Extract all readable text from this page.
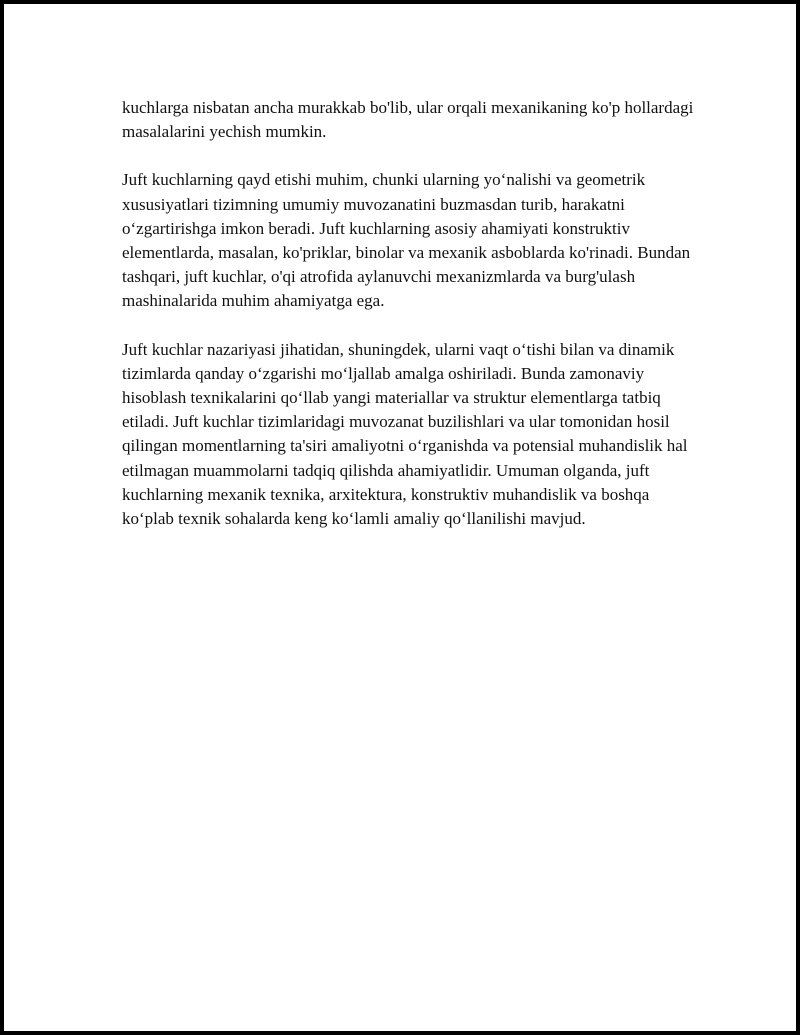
kuchlarga nisbatan ancha murakkab bo'lib, ular orqali mexanikaning ko'p hollardagi masalalarini yechish mumkin.

Juft kuchlarning qayd etishi muhim, chunki ularning yo‘nalishi va geometrik xususiyatlari tizimning umumiy muvozanatini buzmasdan turib, harakatni o‘zgartirishga imkon beradi. Juft kuchlarning asosiy ahamiyati konstruktiv elementlarda, masalan, ko'priklar, binolar va mexanik asboblarda ko'rinadi. Bundan tashqari, juft kuchlar, o'qi atrofida aylanuvchi mexanizmlarda va burg'ulash mashinalarida muhim ahamiyatga ega.

Juft kuchlar nazariyasi jihatidan, shuningdek, ularni vaqt o‘tishi bilan va dinamik tizimlarda qanday o‘zgarishi mo‘ljallab amalga oshiriladi. Bunda zamonaviy hisoblash texnikalarini qo‘llab yangi materiallar va struktur elementlarga tatbiq etiladi. Juft kuchlar tizimlaridagi muvozanat buzilishlari va ular tomonidan hosil qilingan momentlarning ta'siri amaliyotni o‘rganishda va potensial muhandislik hal etilmagan muammolarni tadqiq qilishda ahamiyatlidir. Umuman olganda, juft kuchlarning mexanik texnika, arxitektura, konstruktiv muhandislik va boshqa ko‘plab texnik sohalarda keng ko‘lamli amaliy qo‘llanilishi mavjud.
